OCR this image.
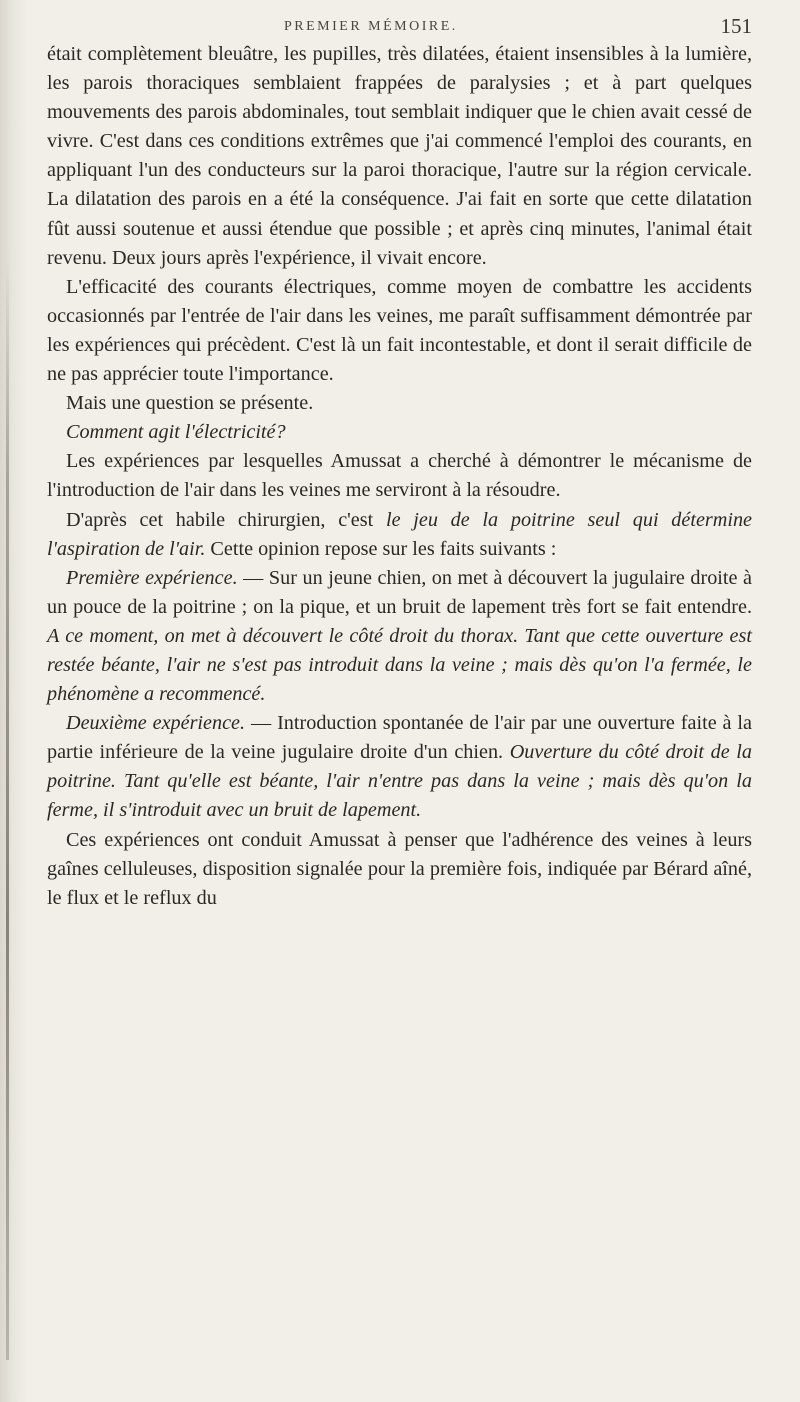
PREMIER MÉMOIRE.	151

était complètement bleuâtre, les pupilles, très dilatées, étaient insensibles à la lumière, les parois thoraciques semblaient frappées de paralysies ; et à part quelques mouvements des parois abdominales, tout semblait indiquer que le chien avait cessé de vivre. C'est dans ces conditions extrêmes que j'ai commencé l'emploi des courants, en appliquant l'un des conducteurs sur la paroi thoracique, l'autre sur la région cervicale. La dilatation des parois en a été la conséquence. J'ai fait en sorte que cette dilatation fût aussi soutenue et aussi étendue que possible ; et après cinq minutes, l'animal était revenu. Deux jours après l'expérience, il vivait encore.

L'efficacité des courants électriques, comme moyen de combattre les accidents occasionnés par l'entrée de l'air dans les veines, me paraît suffisamment démontrée par les expériences qui précèdent. C'est là un fait incontestable, et dont il serait difficile de ne pas apprécier toute l'importance.

Mais une question se présente.

Comment agit l'électricité?

Les expériences par lesquelles Amussat a cherché à démontrer le mécanisme de l'introduction de l'air dans les veines me serviront à la résoudre.

D'après cet habile chirurgien, c'est le jeu de la poitrine seul qui détermine l'aspiration de l'air. Cette opinion repose sur les faits suivants :

Première expérience. — Sur un jeune chien, on met à découvert la jugulaire droite à un pouce de la poitrine ; on la pique, et un bruit de lapement très fort se fait entendre. A ce moment, on met à découvert le côté droit du thorax. Tant que cette ouverture est restée béante, l'air ne s'est pas introduit dans la veine ; mais dès qu'on l'a fermée, le phénomène a recommencé.

Deuxième expérience. — Introduction spontanée de l'air par une ouverture faite à la partie inférieure de la veine jugulaire droite d'un chien. Ouverture du côté droit de la poitrine. Tant qu'elle est béante, l'air n'entre pas dans la veine ; mais dès qu'on la ferme, il s'introduit avec un bruit de lapement.

Ces expériences ont conduit Amussat à penser que l'adhérence des veines à leurs gaînes celluleuses, disposition signalée pour la première fois, indiquée par Bérard aîné, le flux et le reflux du
